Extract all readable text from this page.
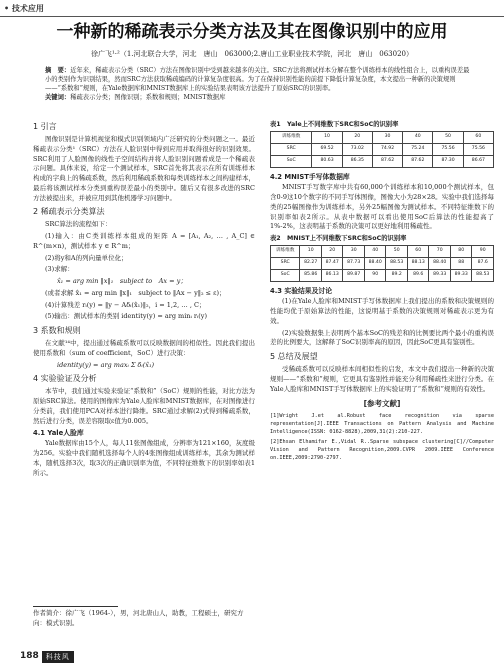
• 技术应用
一种新的稀疏表示分类方法及其在图像识别中的应用
徐广飞¹·²（1.河北联合大学，河北　唐山　063000;2.唐山工业职业技术学院，河北　唐山　063020）
摘　要：近年来，稀疏表示分类（SRC）方法在图像识别中受到越来越多的关注。SRC方法将测试样本分解在整个训练样本的线性组合上，以重构误差最小的类别作为识别结果，然而SRC方法获取稀疏编码的计算复杂度很高。为了在保持识别性能的前提下降低计算复杂度，本文提出一种新的决策规则——“系数和”规则，在Yale数据库和MNIST数据库上的实验结果表明该方法提升了原始SRC的识别率。
关键词：稀疏表示分类；图像识别；系数和规则；MNIST数据库
1 引言

图像识别是计算机视觉和模式识别领域内广泛研究的分类问题之一。最近稀疏表示分类¹（SRC）方法在人脸识别中得到应用并取得很好的识别效果。SRC利用了人脸图像的线性子空间结构并将人脸识别问题看成是一个稀疏表示问题。具体来说，给定一个测试样本，SRC首先将其表示在所有训练样本构成的字典上的稀疏系数，然后利用稀疏系数和每类训练样本之间构建样本，最后将该测试样本分类到重构误差最小的类别中。随后又有很多改进的SRC方法被提出来，并被应用到其他机器学习问题中。

2 稀疏表示分类算法

SRC算法的流程如下：

(1)输入：由C类训练样本组成的矩阵 A = [A₁, A₂, … , A_C] ∈ R^(m×n)，测试样本 y ∈ R^m；

(2)将y和A的列向量单位化；

(3)求解：

x̂₁ = arg min ‖x‖₁　subject to　Ax = y；

(或者求解 x̂₁ = arg min ‖x‖₁　subject to ‖Ax − y‖₂ ≤ ε)；

(4)计算残差 rᵢ(y) = ‖y − Aδᵢ(x̂₁)‖₂，i = 1,2, … , C；

(5)输出：测试样本的类别 identity(y) = arg minᵢ rᵢ(y)

3 系数和规则

在文献¹⁴中，提出通过稀疏系数可以反映数据间的相似性。因此我们提出使用系数和（sum of coefficient，SoC）进行决策：

identity(y) = arg maxᵢ Σ δᵢ(x̂₁)
4 实验验证及分析

本节中，我们通过实验来验证“系数和”（SoC）规则的性能，对比方法为原始SRC算法。使用的图像库为Yale人脸库和MNIST数据库，在对图像进行分类前，我们使用PCA对样本进行降维。SRC通过求解(2)式得到稀疏系数，然后进行分类，误差容限取ε值为0.005。

4.1 Yale人脸库

Yale数据库由15个人，每人11张图像组成，分辨率为121×160，灰度级为256。实验中我们随机选择每个人的4张图像组成训练样本，其余为测试样本，随机选择3次，取3次的正确识别率为值，不同特征维数下的识别率如表1所示。

表1　Yale上不同维数下SRC和SoC的识别率
训练维数	10	20	30	40	50	60
SRC	69.52	73.02	74.92	75.24	75.56	75.56
SoC	80.63	86.35	87.62	87.62	87.30	86.67
4.2 MNIST手写体数据库

MNIST手写数字库中共有60,000个训练样本和10,000个测试样本，包含0-9这10个数字的不同手写体图像，图像大小为28×28。实验中我们选择每类的25幅图像作为训练样本，另外25幅图像为测试样本。不同特征维数下的识别率如表2所示。从表中数据可以看出使用SoC后算法的性能提高了1%-2%，这表明基于系数的决策可以更好地利用稀疏性。

表2　MNIST上不同维数下SRC和SoC的识别率
训练维数	10	20	30	40	50	60	70	80	90
SRC	82.27	87.47	87.73	88.40	88.53	88.13	88.40	88	87.6
SoC	85.86	86.13	89.87	90	89.2	89.6	89.33	89.33	88.53
4.3 实验结果及讨论

(1)在Yale人脸库和MNIST手写体数据库上我们提出的系数和决策规则的性能均优于原始算法的性能，这说明基于系数的决策规则对稀疏表示更为有效。

(2)实验数据集上表明两个基本SoC的残差和的比例要比两个最小的重构误差的比例要大，这解释了SoC识别率高的原因，因此SoC更具有鉴别性。

5 总结及展望

受稀疏系数可以反映样本间相似性的启发，本文中我们提出一种新的决策规则——“系数和”规则，它更具有鉴别性并能充分利用稀疏性来进行分类。在Yale人脸库和MNIST手写体数据库上的实验证明了“系数和”规则的有效性。

[参考文献]

[1]Wright J.et al.Robust face recognition via sparse representation[J].IEEE Transactions on Pattern Analysis and Machine Intelligence(ISSN: 0162-8828),2009,31(2):210-227.

[2]Ehsan Elhamifar E.,Vidal R..Sparse subspace clustering[C]//Computer Vision and Pattern Recognition,2009.CVPR 2009.IEEE Conference on.IEEE,2009:2790-2797.

作者简介：徐广飞（1964-），男，河北唐山人，助教，工程硕士，研究方向：模式识别。
188	科技风
